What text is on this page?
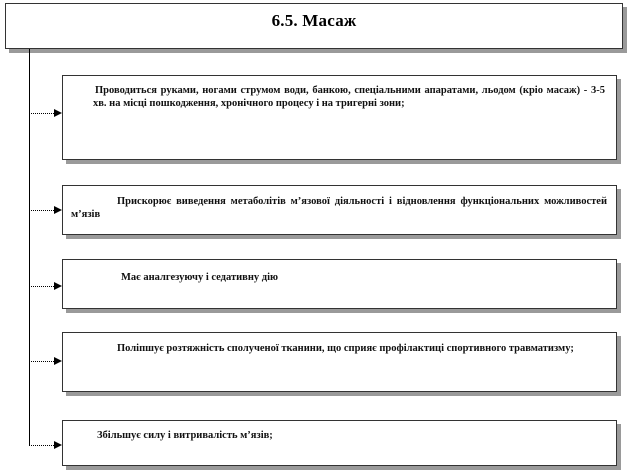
6.5. Масаж
Проводиться руками, ногами струмом води, банкою, спеціальними апаратами, льодом (кріо масаж) - 3-5 хв. на місці пошкодження, хронічного процесу і на тригерні зони;
Прискорює виведення метаболітів м’язової діяльності і відновлення функціональних можливостей м’язів
Має аналгезуючу і седативну дію
Поліпшує розтяжність сполученої тканини, що сприяє профілактиці спортивного травматизму;
Збільшує силу і витривалість м’язів;
